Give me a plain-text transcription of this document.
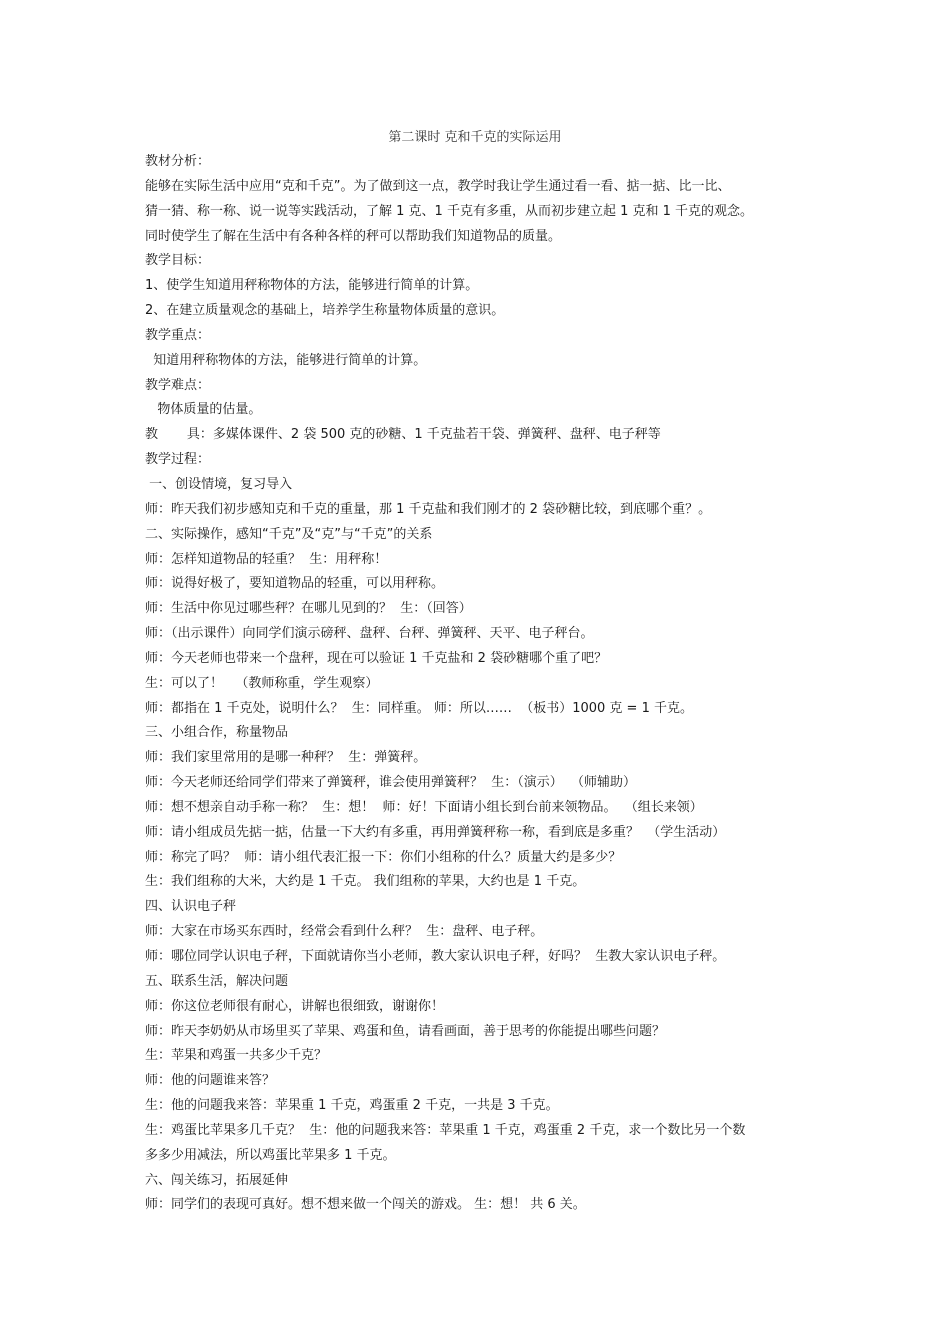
第二课时 克和千克的实际运用
教材分析：
能够在实际生活中应用“克和千克”。为了做到这一点，教学时我让学生通过看一看、掂一掂、比一比、
猜一猜、称一称、说一说等实践活动，了解 1 克、1 千克有多重，从而初步建立起 1 克和 1 千克的观念。
同时使学生了解在生活中有各种各样的秤可以帮助我们知道物品的质量。
教学目标：
1、使学生知道用秤称物体的方法，能够进行简单的计算。
2、在建立质量观念的基础上，培养学生称量物体质量的意识。
教学重点：
知道用秤称物体的方法，能够进行简单的计算。
教学难点：
物体质量的估量。
教       具：多媒体课件、2 袋 500 克的砂糖、1 千克盐若干袋、弹簧秤、盘秤、电子秤等
教学过程：
一、创设情境，复习导入
师：昨天我们初步感知克和千克的重量，那 1 千克盐和我们刚才的 2 袋砂糖比较，到底哪个重？。
二、实际操作，感知“千克”及“克”与“千克”的关系
师：怎样知道物品的轻重？  生：用秤称！
师：说得好极了，要知道物品的轻重，可以用秤称。
师：生活中你见过哪些秤？在哪儿见到的？  生：（回答）
师：（出示课件）向同学们演示磅秤、盘秤、台秤、弹簧秤、天平、电子秤台。
师：今天老师也带来一个盘秤，现在可以验证 1 千克盐和 2 袋砂糖哪个重了吧？
生：可以了！   （教师称重，学生观察）
师：都指在 1 千克处，说明什么？  生：同样重。 师：所以……  （板书）1000 克 = 1 千克。
三、小组合作，称量物品
师：我们家里常用的是哪一种秤？  生：弹簧秤。
师：今天老师还给同学们带来了弹簧秤，谁会使用弹簧秤？  生：（演示）  （师辅助）
师：想不想亲自动手称一称？  生：想！  师：好！下面请小组长到台前来领物品。  （组长来领）
师：请小组成员先掂一掂，估量一下大约有多重，再用弹簧秤称一称，看到底是多重？  （学生活动）
师：称完了吗？  师：请小组代表汇报一下：你们小组称的什么？质量大约是多少？
生：我们组称的大米，大约是 1 千克。 我们组称的苹果，大约也是 1 千克。
四、认识电子秤
师：大家在市场买东西时，经常会看到什么秤？  生：盘秤、电子秤。
师：哪位同学认识电子秤，下面就请你当小老师，教大家认识电子秤，好吗？  生教大家认识电子秤。
五、联系生活，解决问题
师：你这位老师很有耐心，讲解也很细致，谢谢你！
师：昨天李奶奶从市场里买了苹果、鸡蛋和鱼，请看画面，善于思考的你能提出哪些问题？
生：苹果和鸡蛋一共多少千克？
师：他的问题谁来答？
生：他的问题我来答：苹果重 1 千克，鸡蛋重 2 千克，一共是 3 千克。
生：鸡蛋比苹果多几千克？  生：他的问题我来答：苹果重 1 千克，鸡蛋重 2 千克，求一个数比另一个数
多多少用减法，所以鸡蛋比苹果多 1 千克。
六、闯关练习，拓展延伸
师：同学们的表现可真好。想不想来做一个闯关的游戏。 生：想！ 共 6 关。
